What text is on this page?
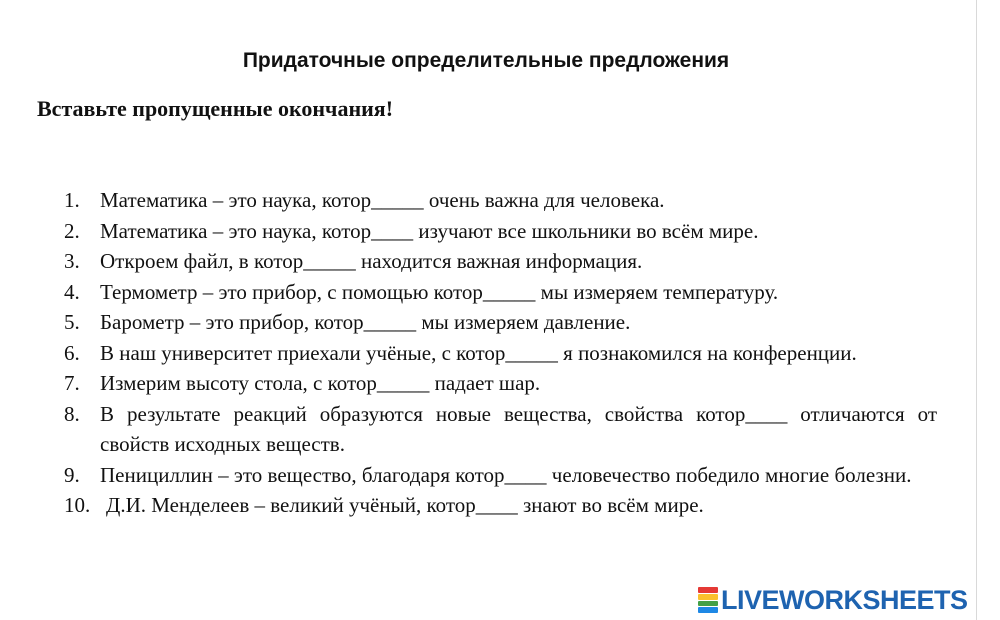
Придаточные определительные предложения
Вставьте пропущенные окончания!
1. Математика – это наука, котор_____ очень важна для человека.
2. Математика – это наука, котор____ изучают все школьники во всём мире.
3. Откроем файл, в котор_____ находится важная информация.
4. Термометр – это прибор, с помощью котор_____ мы измеряем температуру.
5. Барометр – это прибор, котор_____ мы измеряем давление.
6. В наш университет приехали учёные, с котор_____ я познакомился на конференции.
7. Измерим высоту стола, с котор_____ падает шар.
8. В результате реакций образуются новые вещества, свойства котор____ отличаются от свойств исходных веществ.
9. Пенициллин – это вещество, благодаря котор____ человечество победило многие болезни.
10. Д.И. Менделеев – великий учёный, котор____ знают во всём мире.
LIVEWORKSHEETS
